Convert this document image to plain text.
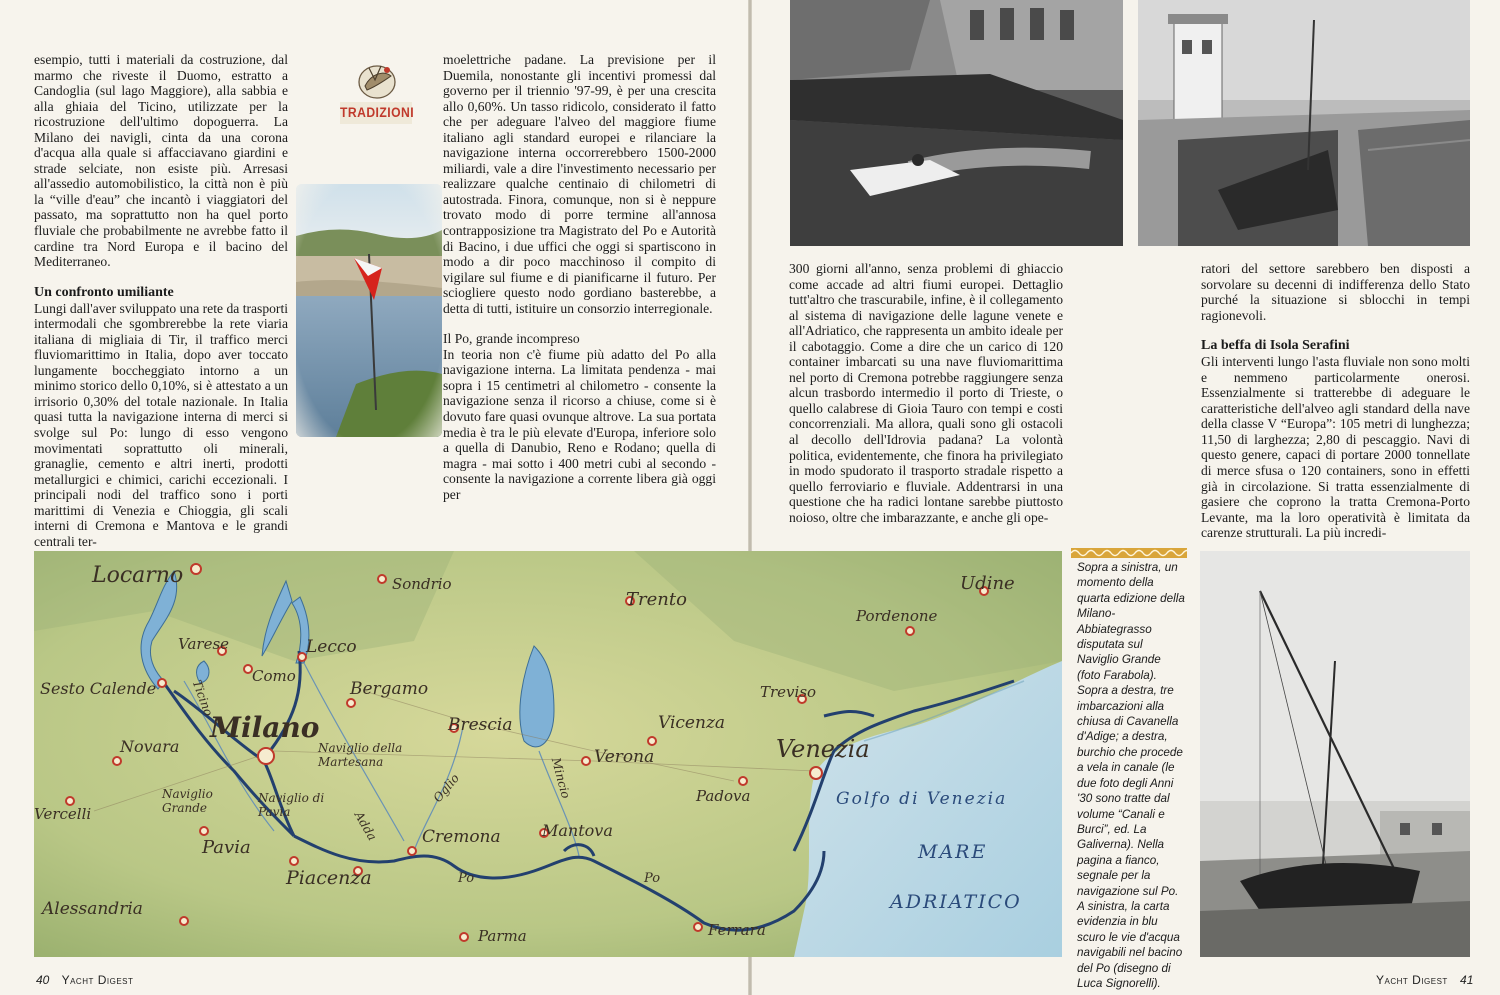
esempio, tutti i materiali da costruzione, dal marmo che riveste il Duomo, estratto a Candoglia (sul lago Maggiore), alla sabbia e alla ghiaia del Ticino, utilizzate per la ricostruzione dell'ultimo dopoguerra. La Milano dei navigli, cinta da una corona d'acqua alla quale si affacciavano giardini e strade selciate, non esiste più. Arresasi all'assedio automobilistico, la città non è più la “ville d'eau” che incantò i viaggiatori del passato, ma soprattutto non ha quel porto fluviale che probabilmente ne avrebbe fatto il cardine tra Nord Europa e il bacino del Mediterraneo.

Un confronto umiliante

Lungi dall'aver sviluppato una rete da trasporti intermodali che sgombrerebbe la rete viaria italiana di migliaia di Tir, il traffico merci fluviomarittimo in Italia, dopo aver toccato lungamente boccheggiato intorno a un minimo storico dello 0,10%, si è attestato a un irrisorio 0,30% del totale nazionale. In Italia quasi tutta la navigazione interna di merci si svolge sul Po: lungo di esso vengono movimentati soprattutto oli minerali, granaglie, cemento e altri inerti, prodotti metallurgici e chimici, carichi eccezionali. I principali nodi del traffico sono i porti marittimi di Venezia e Chioggia, gli scali interni di Cremona e Mantova e le grandi centrali ter-

TRADIZIONI

moelettriche padane. La previsione per il Duemila, nonostante gli incentivi promessi dal governo per il triennio '97-99, è per una crescita allo 0,60%. Un tasso ridicolo, considerato il fatto che per adeguare l'alveo del maggiore fiume italiano agli standard europei e rilanciare la navigazione interna occorrerebbero 1500-2000 miliardi, vale a dire l'investimento necessario per realizzare qualche centinaio di chilometri di autostrada. Finora, comunque, non si è neppure trovato modo di porre termine all'annosa contrapposizione tra Magistrato del Po e Autorità di Bacino, i due uffici che oggi si spartiscono in modo a dir poco macchinoso il compito di vigilare sul fiume e di pianificarne il futuro. Per sciogliere questo nodo gordiano basterebbe, a detta di tutti, istituire un consorzio interregionale.

Il Po, grande incompreso

In teoria non c'è fiume più adatto del Po alla navigazione interna. La limitata pendenza - mai sopra i 15 centimetri al chilometro - consente la navigazione senza il ricorso a chiuse, come si è dovuto fare quasi ovunque altrove. La sua portata media è tra le più elevate d'Europa, inferiore solo a quella di Danubio, Reno e Rodano; quella di magra - mai sotto i 400 metri cubi al secondo - consente la navigazione a corrente libera già oggi per

300 giorni all'anno, senza problemi di ghiaccio come accade ad altri fiumi europei. Dettaglio tutt'altro che trascurabile, infine, è il collegamento al sistema di navigazione delle lagune venete e all'Adriatico, che rappresenta un ambito ideale per il cabotaggio. Come a dire che un carico di 120 container imbarcati su una nave fluviomarittima nel porto di Cremona potrebbe raggiungere senza alcun trasbordo intermedio il porto di Trieste, o quello calabrese di Gioia Tauro con tempi e costi concorrenziali. Ma allora, quali sono gli ostacoli al decollo dell'Idrovia padana? La volontà politica, evidentemente, che finora ha privilegiato in modo spudorato il trasporto stradale rispetto a quello ferroviario e fluviale. Addentrarsi in una questione che ha radici lontane sarebbe piuttosto noioso, oltre che imbarazzante, e anche gli ope-

ratori del settore sarebbero ben disposti a sorvolare su decenni di indifferenza dello Stato purché la situazione si sblocchi in tempi ragionevoli.

La beffa di Isola Serafini

Gli interventi lungo l'asta fluviale non sono molti e nemmeno particolarmente onerosi. Essenzialmente si tratterebbe di adeguare le caratteristiche dell'alveo agli standard della nave della classe V “Europa”: 105 metri di lunghezza; 11,50 di larghezza; 2,80 di pescaggio. Navi di questo genere, capaci di portare 2000 tonnellate di merce sfusa o 120 containers, sono in effetti già in circolazione. Si tratta essenzialmente di gasiere che coprono la tratta Cremona-Porto Levante, ma la loro operatività è limitata da carenze strutturali. La più incredi-

Sopra a sinistra, un momento della quarta edizione della Milano-Abbiategrasso disputata sul Naviglio Grande (foto Farabola). Sopra a destra, tre imbarcazioni alla chiusa di Cavanella d'Adige; a destra, burchio che procede a vela in canale (le due foto degli Anni '30 sono tratte dal volume “Canali e Burci”, ed. La Galiverna). Nella pagina a fianco, segnale per la navigazione sul Po. A sinistra, la carta evidenzia in blu scuro le vie d'acqua navigabili nel bacino del Po (disegno di Luca Signorelli).
Locarno	Sondrio
Trento
Udine
Pordenone
Varese
Como
Lecco
Bergamo
Sesto Calende	Treviso
Brescia	Vicenza
Milano
Novara
Verona	Venezia
Padova
Vercelli
Cremona	Mantova
Pavia
Piacenza
Alessandria
Parma	Ferrara
Naviglio della Martesana
Naviglio Grande
Naviglio di Pavia
Ticino
Adda
Oglio	Mincio
Po	Po
Golfo di Venezia
MARE
ADRIATICO
40 Yacht Digest	Yacht Digest 41
